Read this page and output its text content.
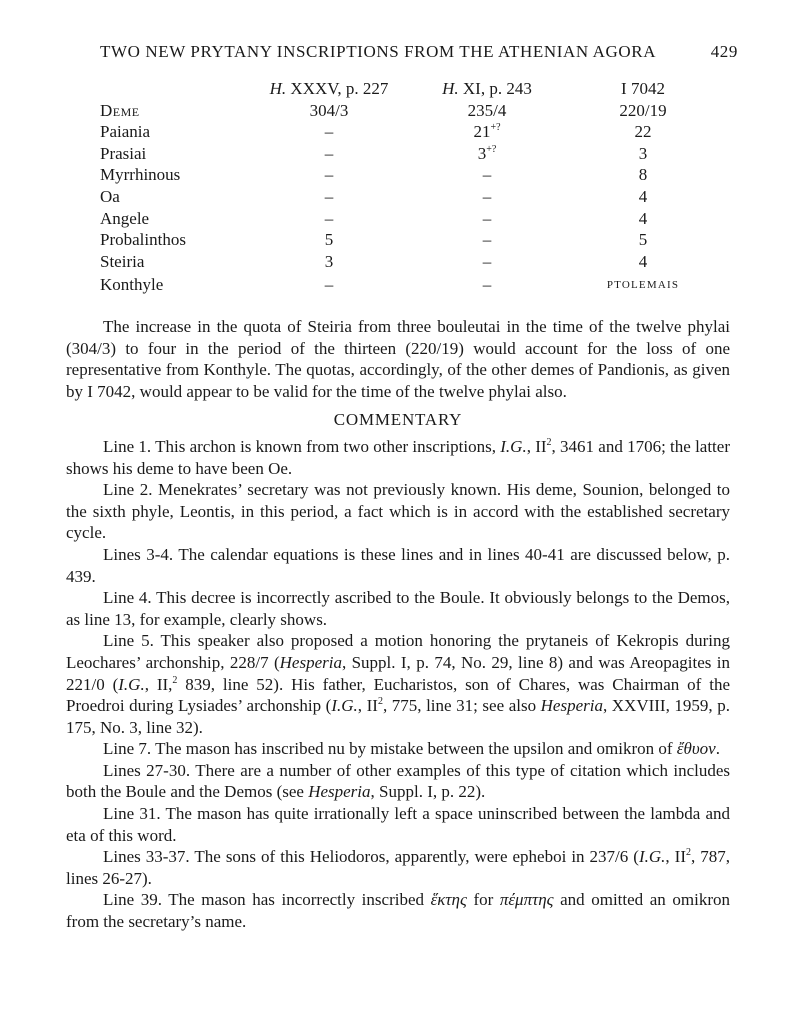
TWO NEW PRYTANY INSCRIPTIONS FROM THE ATHENIAN AGORA	429
	H. XXXV, p. 227	H. XI, p. 243	I 7042
Deme	304/3	235/4	220/19
Paiania	–	21+?	22
Prasiai	–	3+?	3
Myrrhinous	–	–	8
Oa	–	–	4
Angele	–	–	4
Probalinthos	5	–	5
Steiria	3	–	4
Konthyle	–	–	PTOLEMAIS

The increase in the quota of Steiria from three bouleutai in the time of the twelve phylai (304/3) to four in the period of the thirteen (220/19) would account for the loss of one representative from Konthyle. The quotas, accordingly, of the other demes of Pandionis, as given by I 7042, would appear to be valid for the time of the twelve phylai also.

COMMENTARY

Line 1. This archon is known from two other inscriptions, I.G., $II^2$, 3461 and 1706; the latter shows his deme to have been Oe.

Line 2. Menekrates’ secretary was not previously known. His deme, Sounion, belonged to the sixth phyle, Leontis, in this period, a fact which is in accord with the established secretary cycle.

Lines 3-4. The calendar equations is these lines and in lines 40-41 are discussed below, p. 439.

Line 4. This decree is incorrectly ascribed to the Boule. It obviously belongs to the Demos, as line 13, for example, clearly shows.

Line 5. This speaker also proposed a motion honoring the prytaneis of Kekropis during Leochares’ archonship, 228/7 (Hesperia, Suppl. I, p. 74, No. 29, line 8) and was Areopagites in 221/0 (I.G., II,$^2$ 839, line 52). His father, Eucharistos, son of Chares, was Chairman of the Proedroi during Lysiades’ archonship (I.G., $II^2$, 775, line 31; see also Hesperia, XXVIII, 1959, p. 175, No. 3, line 32).

Line 7. The mason has inscribed nu by mistake between the upsilon and omikron of ἔθυον.

Lines 27-30. There are a number of other examples of this type of citation which includes both the Boule and the Demos (see Hesperia, Suppl. I, p. 22).

Line 31. The mason has quite irrationally left a space uninscribed between the lambda and eta of this word.

Lines 33-37. The sons of this Heliodoros, apparently, were epheboi in 237/6 (I.G., $II^2$, 787, lines 26-27).

Line 39. The mason has incorrectly inscribed ἕκτης for πέμπτης and omitted an omikron from the secretary’s name.
